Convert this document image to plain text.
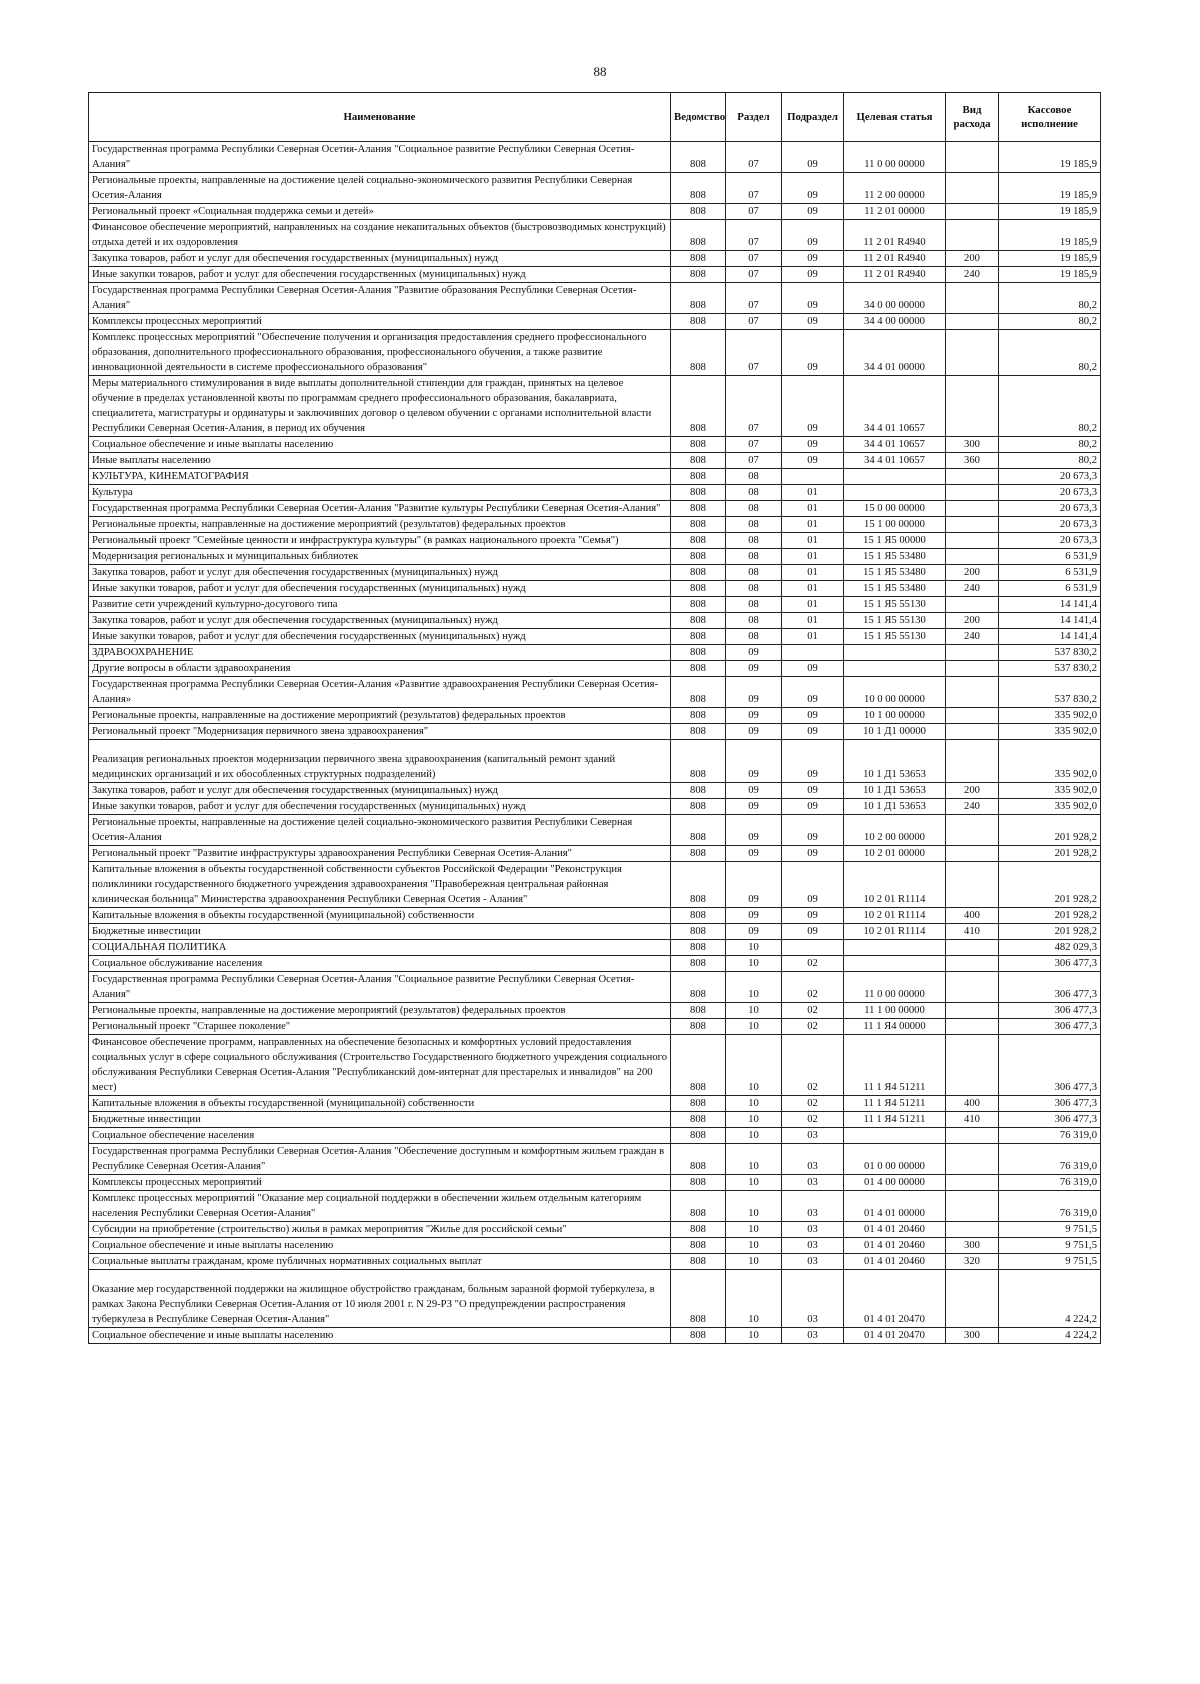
88
Наименование	Ведомство	Раздел	Подраздел	Целевая статья	Вид расхода	Кассовое исполнение
Государственная программа Республики Северная Осетия-Алания "Социальное развитие Республики Северная Осетия-Алания"	808	07	09	11 0 00 00000		19 185,9
Региональные проекты, направленные на достижение целей социально-экономического развития Республики Северная Осетия-Алания	808	07	09	11 2 00 00000		19 185,9
Региональный проект «Социальная поддержка семьи и детей»	808	07	09	11 2 01 00000		19 185,9
Финансовое обеспечение мероприятий, направленных на создание некапитальных объектов (быстровозводимых конструкций) отдыха детей и их оздоровления	808	07	09	11 2 01 R4940		19 185,9
Закупка товаров, работ и услуг для обеспечения государственных (муниципальных) нужд	808	07	09	11 2 01 R4940	200	19 185,9
Иные закупки товаров, работ и услуг для обеспечения государственных (муниципальных) нужд	808	07	09	11 2 01 R4940	240	19 185,9
Государственная программа Республики Северная Осетия-Алания "Развитие образования Республики Северная Осетия-Алания"	808	07	09	34 0 00 00000		80,2
Комплексы процессных мероприятий	808	07	09	34 4 00 00000		80,2
Комплекс процессных мероприятий "Обеспечение получения и организация предоставления среднего профессионального образования, дополнительного профессионального образования, профессионального обучения, а также развитие инновационной деятельности в системе профессионального образования"	808	07	09	34 4 01 00000		80,2
Меры материального стимулирования в виде выплаты дополнительной стипендии для граждан, принятых на целевое обучение в пределах установленной квоты по программам среднего профессионального образования, бакалавриата, специалитета, магистратуры и ординатуры и заключивших договор о целевом обучении с органами исполнительной власти Республики Северная Осетия-Алания, в период их обучения	808	07	09	34 4 01 10657		80,2
Социальное обеспечение и иные выплаты населению	808	07	09	34 4 01 10657	300	80,2
Иные выплаты населению	808	07	09	34 4 01 10657	360	80,2
КУЛЬТУРА, КИНЕМАТОГРАФИЯ	808	08				20 673,3
Культура	808	08	01			20 673,3
Государственная программа Республики Северная Осетия-Алания "Развитие культуры Республики Северная Осетия-Алания"	808	08	01	15 0 00 00000		20 673,3
Региональные проекты, направленные на достижение мероприятий (результатов) федеральных проектов	808	08	01	15 1 00 00000		20 673,3
Региональный проект "Семейные ценности и инфраструктура культуры" (в рамках национального проекта "Семья")	808	08	01	15 1 Я5 00000		20 673,3
Модернизация региональных и муниципальных библиотек	808	08	01	15 1 Я5 53480		6 531,9
Закупка товаров, работ и услуг для обеспечения государственных (муниципальных) нужд	808	08	01	15 1 Я5 53480	200	6 531,9
Иные закупки товаров, работ и услуг для обеспечения государственных (муниципальных) нужд	808	08	01	15 1 Я5 53480	240	6 531,9
Развитие сети учреждений культурно-досугового типа	808	08	01	15 1 Я5 55130		14 141,4
Закупка товаров, работ и услуг для обеспечения государственных (муниципальных) нужд	808	08	01	15 1 Я5 55130	200	14 141,4
Иные закупки товаров, работ и услуг для обеспечения государственных (муниципальных) нужд	808	08	01	15 1 Я5 55130	240	14 141,4
ЗДРАВООХРАНЕНИЕ	808	09				537 830,2
Другие вопросы в области здравоохранения	808	09	09			537 830,2
Государственная программа Республики Северная Осетия-Алания «Развитие здравоохранения Республики Северная Осетия-Алания»	808	09	09	10 0 00 00000		537 830,2
Региональные проекты, направленные на достижение мероприятий (результатов) федеральных проектов	808	09	09	10 1 00 00000		335 902,0
Региональный проект "Модернизация первичного звена здравоохранения"	808	09	09	10 1 Д1 00000		335 902,0
Реализация региональных проектов модернизации первичного звена здравоохранения (капитальный ремонт зданий медицинских организаций и их обособленных структурных подразделений)	808	09	09	10 1 Д1 53653		335 902,0
Закупка товаров, работ и услуг для обеспечения государственных (муниципальных) нужд	808	09	09	10 1 Д1 53653	200	335 902,0
Иные закупки товаров, работ и услуг для обеспечения государственных (муниципальных) нужд	808	09	09	10 1 Д1 53653	240	335 902,0
Региональные проекты, направленные на достижение целей социально-экономического развития Республики Северная Осетия-Алания	808	09	09	10 2 00 00000		201 928,2
Региональный проект "Развитие инфраструктуры здравоохранения Республики Северная Осетия-Алания"	808	09	09	10 2 01 00000		201 928,2
Капитальные вложения в объекты государственной собственности субъектов Российской Федерации "Реконструкция поликлиники государственного бюджетного учреждения здравоохранения "Правобережная центральная районная клиническая больница" Министерства здравоохранения Республики Северная Осетия - Алания"	808	09	09	10 2 01 R1114		201 928,2
Капитальные вложения в объекты государственной (муниципальной) собственности	808	09	09	10 2 01 R1114	400	201 928,2
Бюджетные инвестиции	808	09	09	10 2 01 R1114	410	201 928,2
СОЦИАЛЬНАЯ ПОЛИТИКА	808	10				482 029,3
Социальное обслуживание населения	808	10	02			306 477,3
Государственная программа Республики Северная Осетия-Алания "Социальное развитие Республики Северная Осетия-Алания"	808	10	02	11 0 00 00000		306 477,3
Региональные проекты, направленные на достижение мероприятий (результатов) федеральных проектов	808	10	02	11 1 00 00000		306 477,3
Региональный проект "Старшее поколение"	808	10	02	11 1 Я4 00000		306 477,3
Финансовое обеспечение программ, направленных на обеспечение безопасных и комфортных условий предоставления социальных услуг в сфере социального обслуживания (Строительство Государственного бюджетного учреждения социального обслуживания Республики Северная Осетия-Алания "Республиканский дом-интернат для престарелых и инвалидов" на 200 мест)	808	10	02	11 1 Я4 51211		306 477,3
Капитальные вложения в объекты государственной (муниципальной) собственности	808	10	02	11 1 Я4 51211	400	306 477,3
Бюджетные инвестиции	808	10	02	11 1 Я4 51211	410	306 477,3
Социальное обеспечение населения	808	10	03			76 319,0
Государственная программа Республики Северная Осетия-Алания "Обеспечение доступным и комфортным жильем граждан в Республике Северная Осетия-Алания"	808	10	03	01 0 00 00000		76 319,0
Комплексы процессных мероприятий	808	10	03	01 4 00 00000		76 319,0
Комплекс процессных мероприятий "Оказание мер социальной поддержки в обеспечении жильем отдельным категориям населения Республики Северная Осетия-Алания"	808	10	03	01 4 01 00000		76 319,0
Субсидии на приобретение (строительство) жилья в рамках мероприятия "Жилье для российской семьи"	808	10	03	01 4 01 20460		9 751,5
Социальное обеспечение и иные выплаты населению	808	10	03	01 4 01 20460	300	9 751,5
Социальные выплаты гражданам, кроме публичных нормативных социальных выплат	808	10	03	01 4 01 20460	320	9 751,5
Оказание мер государственной поддержки на жилищное обустройство гражданам, больным заразной формой туберкулеза, в рамках Закона Республики Северная Осетия-Алания от 10 июля 2001 г. N 29-РЗ "О предупреждении распространения туберкулеза в Республике Северная Осетия-Алания"	808	10	03	01 4 01 20470		4 224,2
Социальное обеспечение и иные выплаты населению	808	10	03	01 4 01 20470	300	4 224,2
